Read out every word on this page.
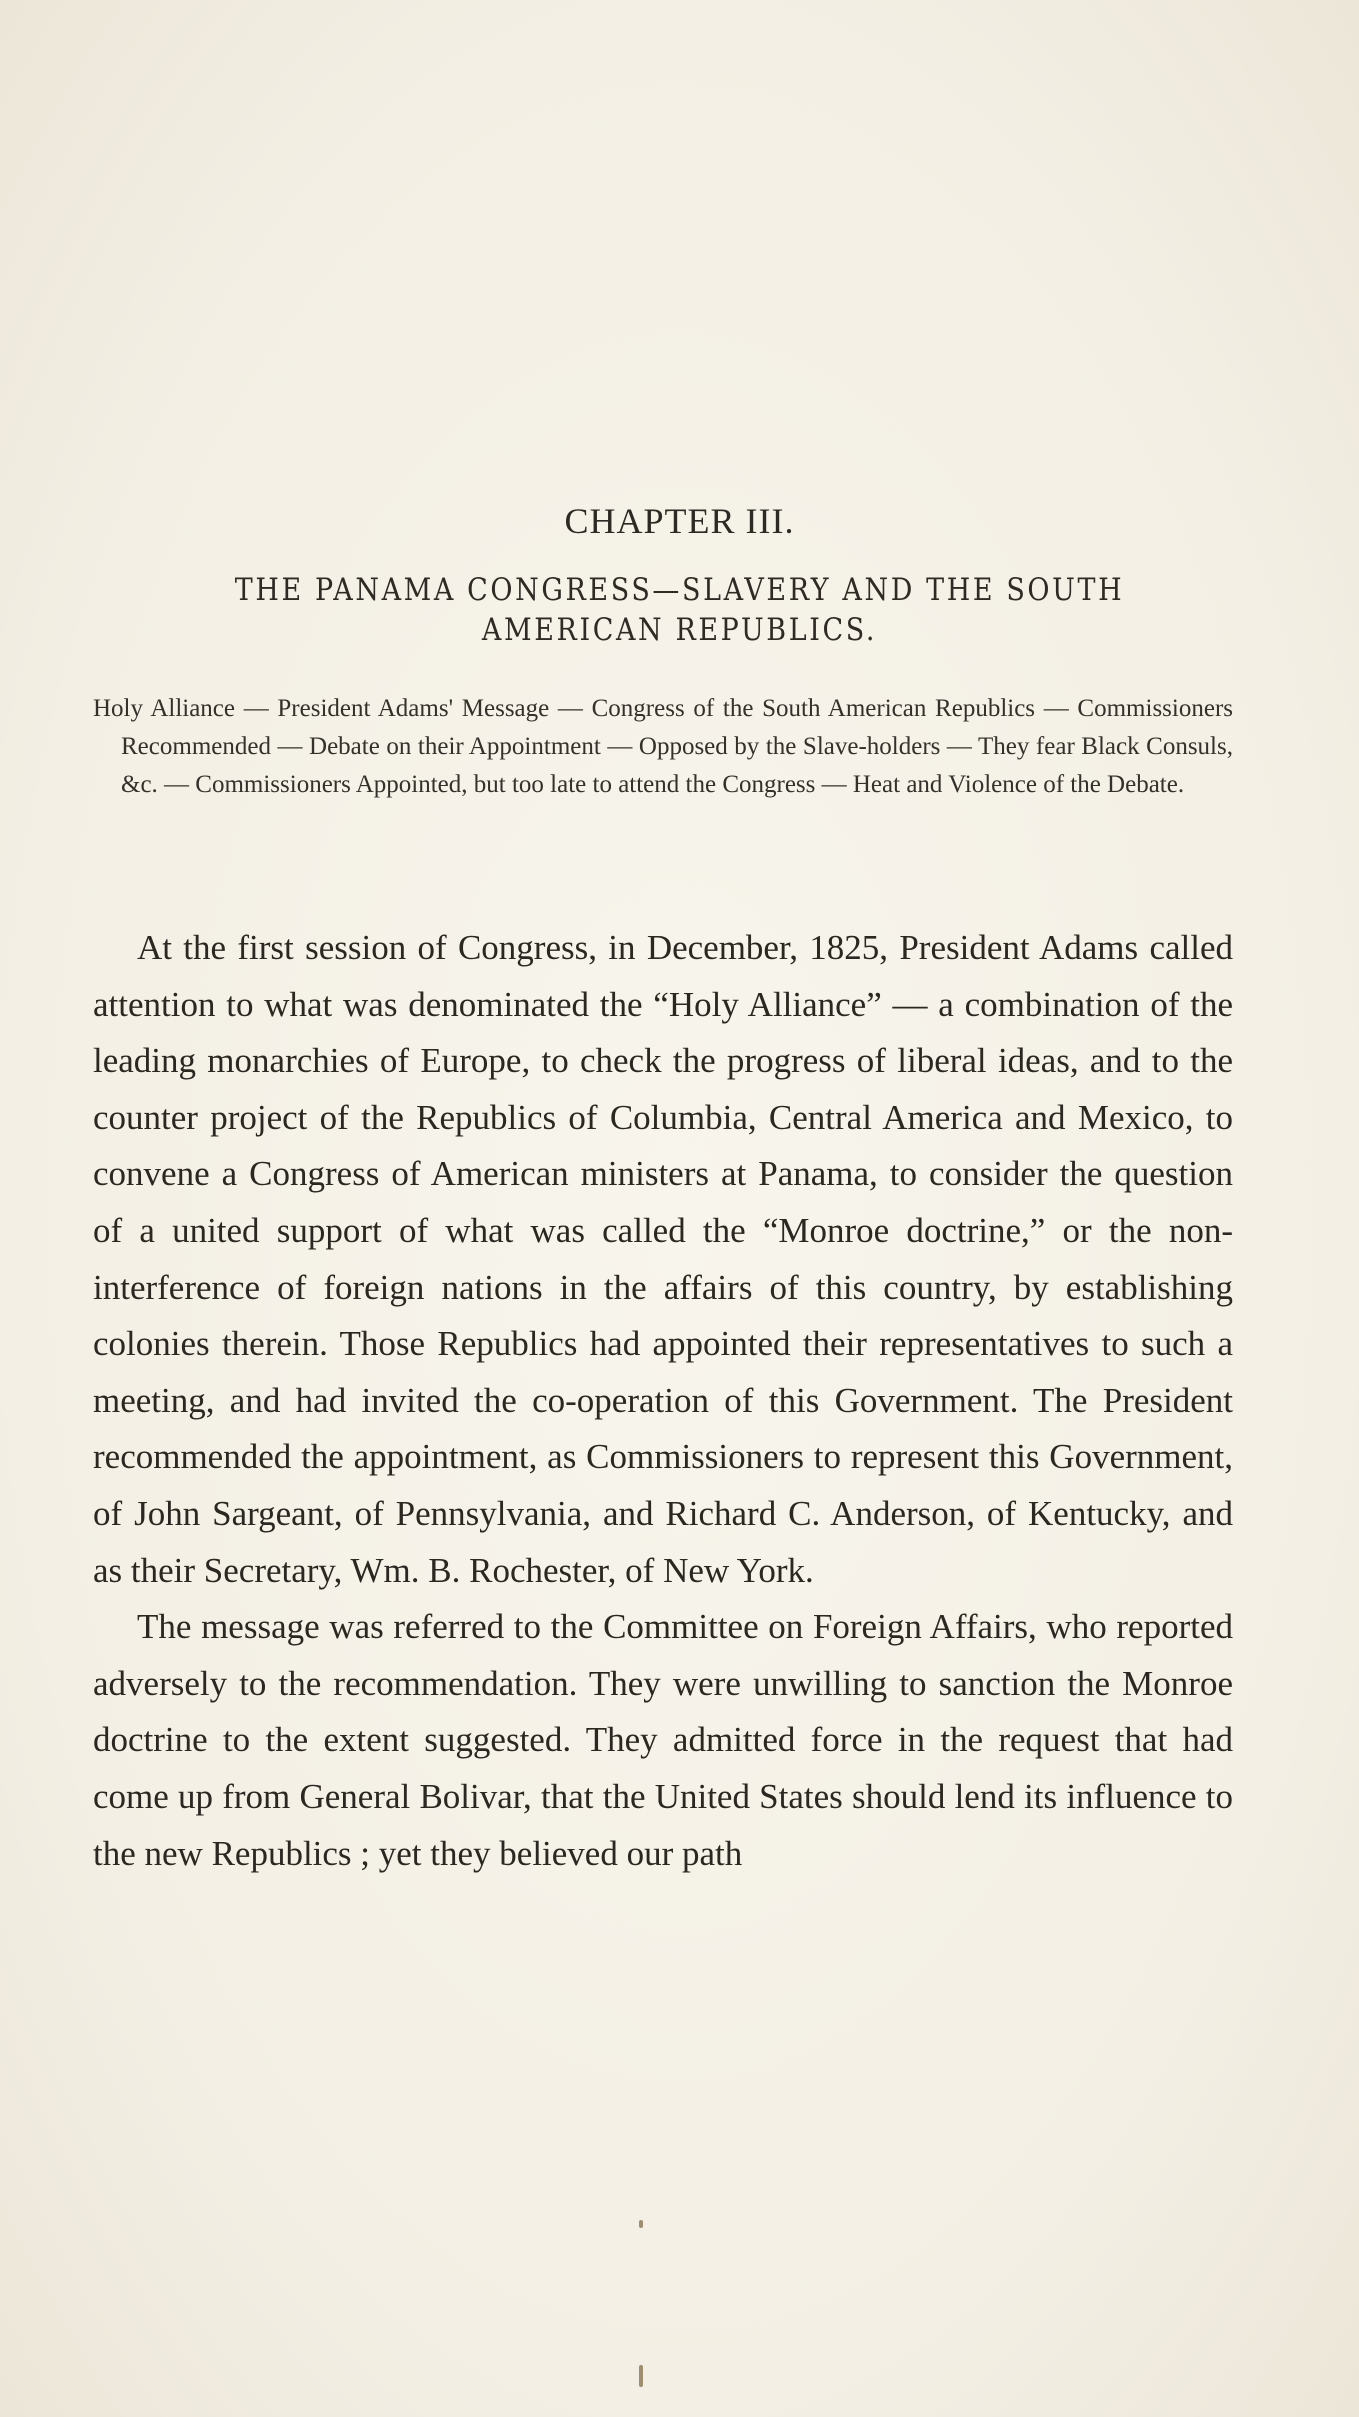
CHAPTER III.
THE PANAMA CONGRESS—SLAVERY AND THE SOUTH
AMERICAN REPUBLICS.
Holy Alliance — President Adams' Message — Congress of the South American Republics — Commissioners Recommended — Debate on their Appointment — Opposed by the Slave-holders — They fear Black Consuls, &c. — Commissioners Appointed, but too late to attend the Congress — Heat and Violence of the Debate.

At the first session of Congress, in December, 1825, President Adams called attention to what was denominated the “Holy Alliance” — a combination of the leading monarchies of Europe, to check the progress of liberal ideas, and to the counter project of the Republics of Columbia, Central America and Mexico, to convene a Congress of American ministers at Panama, to consider the question of a united support of what was called the “Monroe doctrine,” or the non-interference of foreign nations in the affairs of this country, by establishing colonies therein. Those Republics had appointed their representatives to such a meeting, and had invited the co-operation of this Government. The President recommended the appointment, as Commissioners to represent this Government, of John Sargeant, of Pennsylvania, and Richard C. Anderson, of Kentucky, and as their Secretary, Wm. B. Rochester, of New York.

The message was referred to the Committee on Foreign Affairs, who reported adversely to the recommendation. They were unwilling to sanction the Monroe doctrine to the extent suggested. They admitted force in the request that had come up from General Bolivar, that the United States should lend its influence to the new Republics ; yet they believed our path
